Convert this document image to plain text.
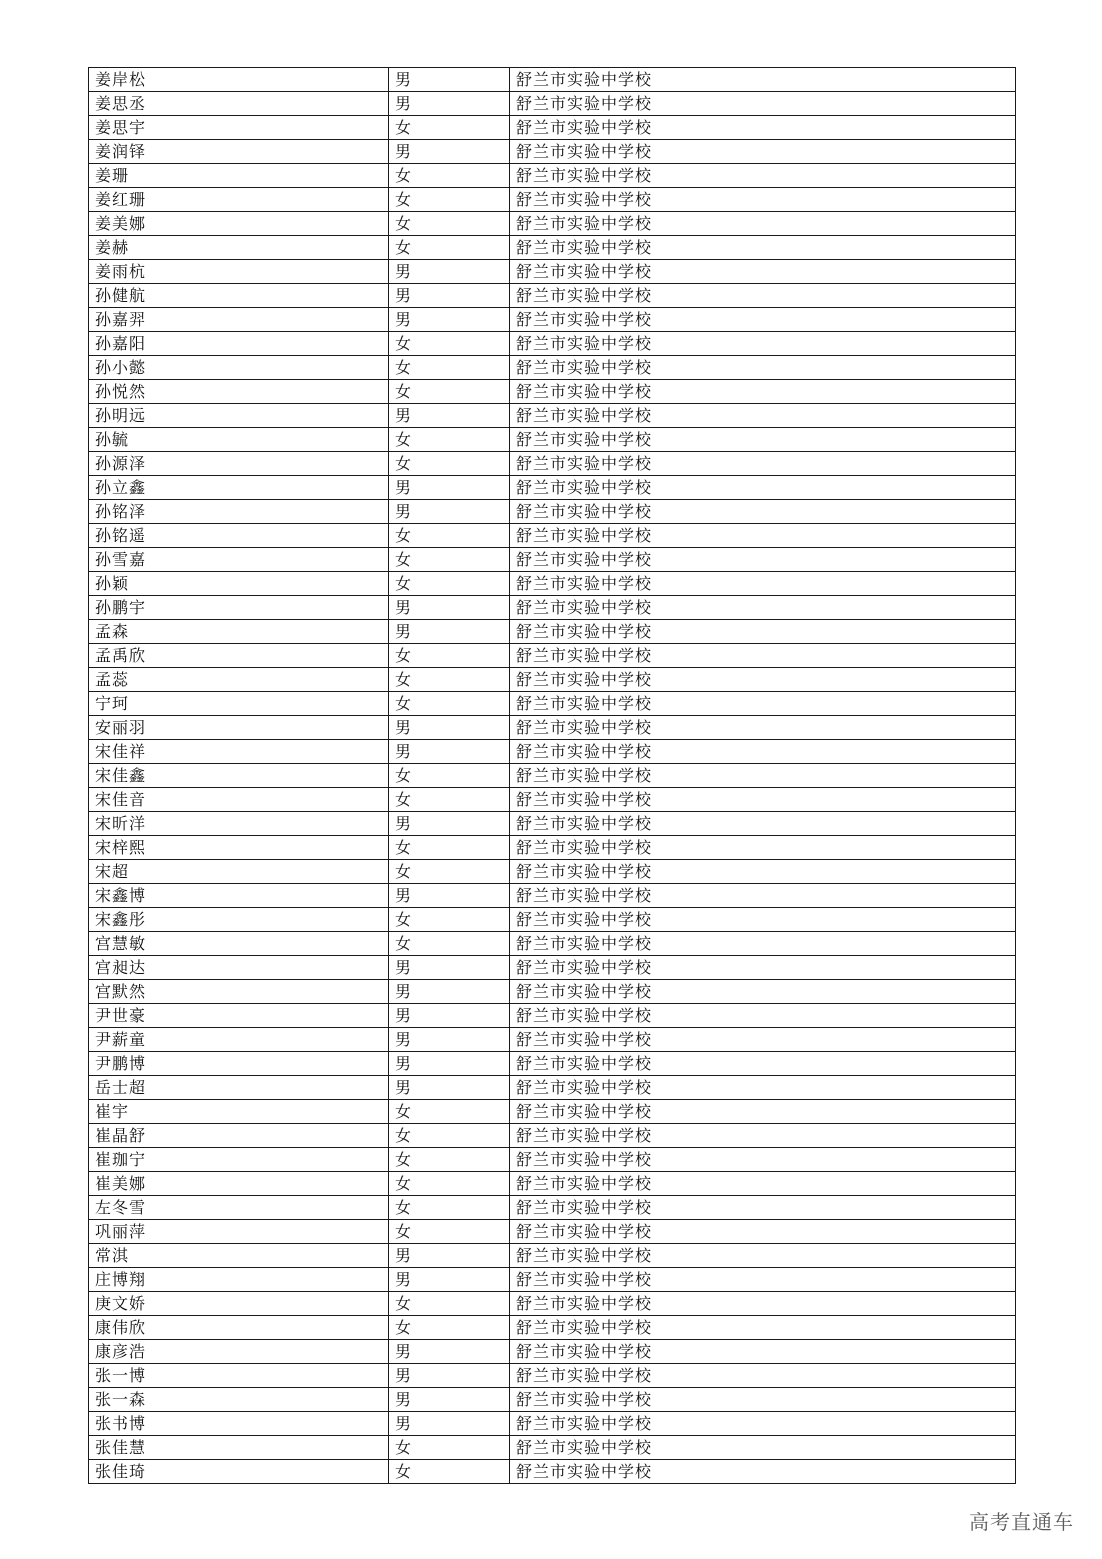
姜岸松	男	舒兰市实验中学校
姜思丞	男	舒兰市实验中学校
姜思宇	女	舒兰市实验中学校
姜润铎	男	舒兰市实验中学校
姜珊	女	舒兰市实验中学校
姜红珊	女	舒兰市实验中学校
姜美娜	女	舒兰市实验中学校
姜赫	女	舒兰市实验中学校
姜雨杭	男	舒兰市实验中学校
孙健航	男	舒兰市实验中学校
孙嘉羿	男	舒兰市实验中学校
孙嘉阳	女	舒兰市实验中学校
孙小懿	女	舒兰市实验中学校
孙悦然	女	舒兰市实验中学校
孙明远	男	舒兰市实验中学校
孙毓	女	舒兰市实验中学校
孙源泽	女	舒兰市实验中学校
孙立鑫	男	舒兰市实验中学校
孙铭泽	男	舒兰市实验中学校
孙铭遥	女	舒兰市实验中学校
孙雪嘉	女	舒兰市实验中学校
孙颖	女	舒兰市实验中学校
孙鹏宇	男	舒兰市实验中学校
孟森	男	舒兰市实验中学校
孟禹欣	女	舒兰市实验中学校
孟蕊	女	舒兰市实验中学校
宁珂	女	舒兰市实验中学校
安丽羽	男	舒兰市实验中学校
宋佳祥	男	舒兰市实验中学校
宋佳鑫	女	舒兰市实验中学校
宋佳音	女	舒兰市实验中学校
宋昕洋	男	舒兰市实验中学校
宋梓熙	女	舒兰市实验中学校
宋超	女	舒兰市实验中学校
宋鑫博	男	舒兰市实验中学校
宋鑫彤	女	舒兰市实验中学校
宫慧敏	女	舒兰市实验中学校
宫昶达	男	舒兰市实验中学校
宫默然	男	舒兰市实验中学校
尹世豪	男	舒兰市实验中学校
尹薪童	男	舒兰市实验中学校
尹鹏博	男	舒兰市实验中学校
岳士超	男	舒兰市实验中学校
崔宇	女	舒兰市实验中学校
崔晶舒	女	舒兰市实验中学校
崔珈宁	女	舒兰市实验中学校
崔美娜	女	舒兰市实验中学校
左冬雪	女	舒兰市实验中学校
巩丽萍	女	舒兰市实验中学校
常淇	男	舒兰市实验中学校
庄博翔	男	舒兰市实验中学校
庚文娇	女	舒兰市实验中学校
康伟欣	女	舒兰市实验中学校
康彦浩	男	舒兰市实验中学校
张一博	男	舒兰市实验中学校
张一森	男	舒兰市实验中学校
张书博	男	舒兰市实验中学校
张佳慧	女	舒兰市实验中学校
张佳琦	女	舒兰市实验中学校
高考直通车
